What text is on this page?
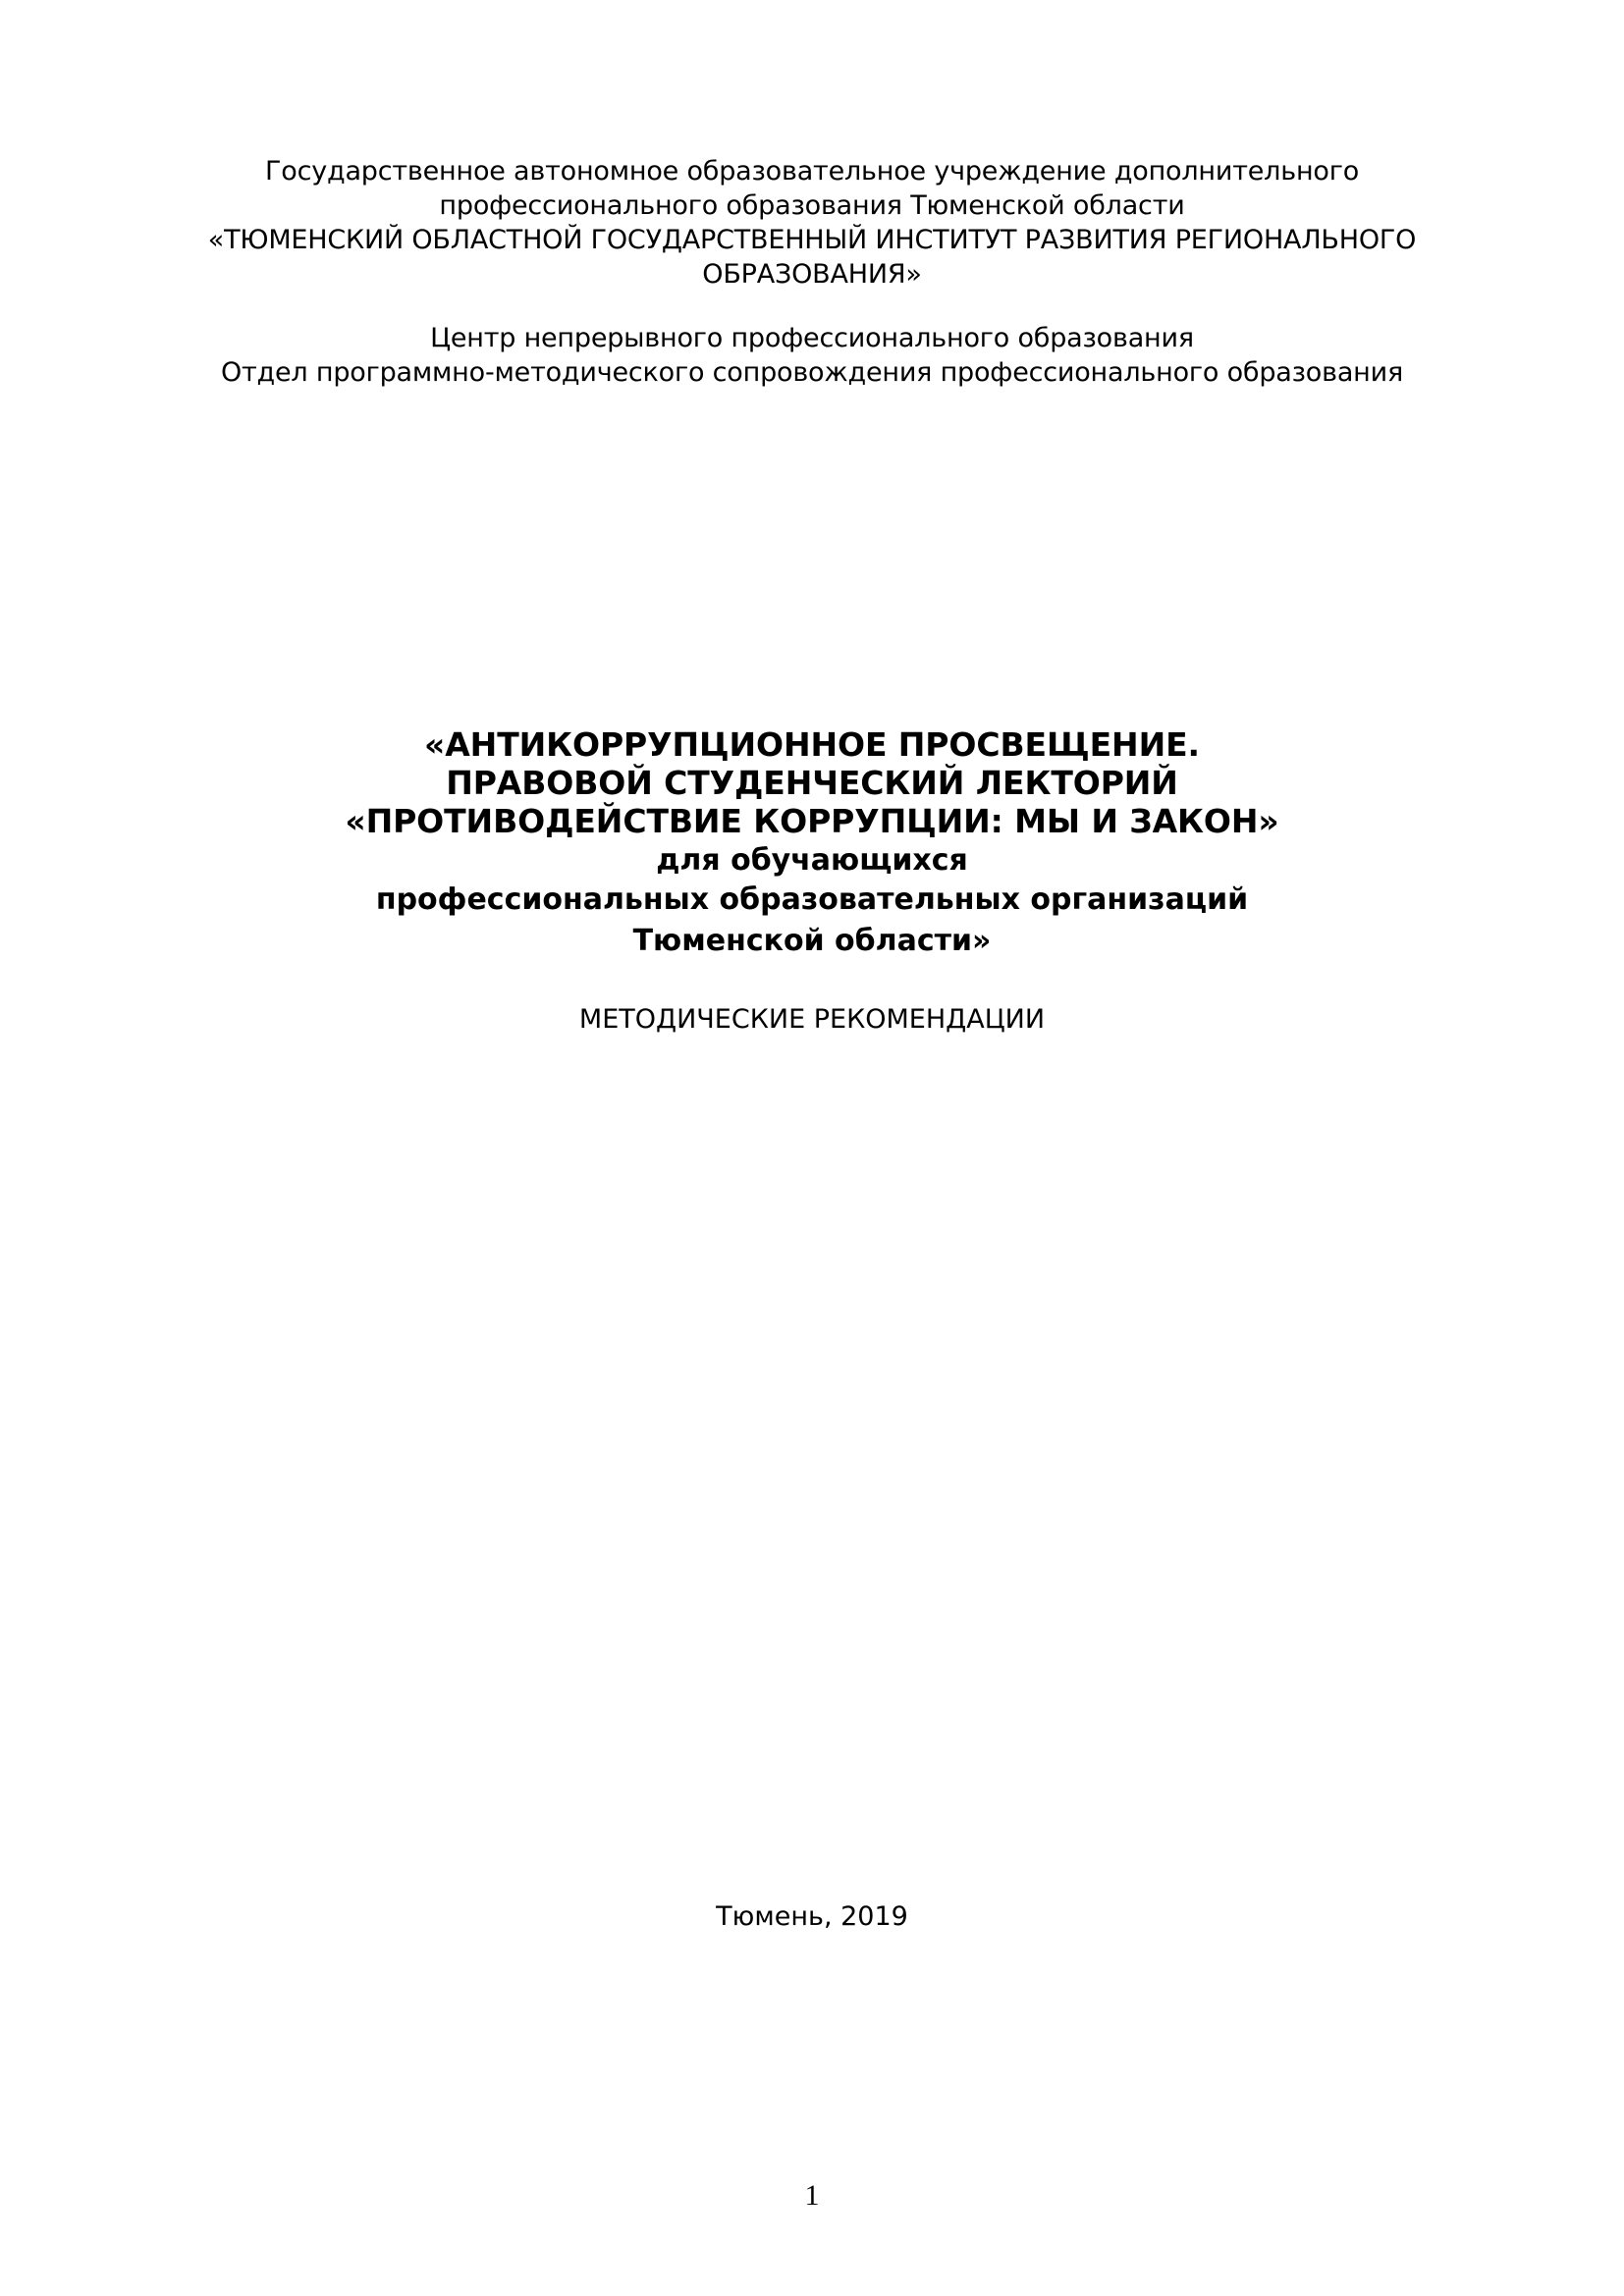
Государственное автономное образовательное учреждение дополнительного
профессионального образования Тюменской области
«ТЮМЕНСКИЙ ОБЛАСТНОЙ ГОСУДАРСТВЕННЫЙ ИНСТИТУТ РАЗВИТИЯ РЕГИОНАЛЬНОГО
ОБРАЗОВАНИЯ»
Центр непрерывного профессионального образования
Отдел программно-методического сопровождения профессионального образования
«АНТИКОРРУПЦИОННОЕ ПРОСВЕЩЕНИЕ.
ПРАВОВОЙ СТУДЕНЧЕСКИЙ ЛЕКТОРИЙ
«ПРОТИВОДЕЙСТВИЕ КОРРУПЦИИ: МЫ И ЗАКОН»
для обучающихся
профессиональных образовательных организаций
Тюменской области»
МЕТОДИЧЕСКИЕ РЕКОМЕНДАЦИИ
Тюмень, 2019
1
